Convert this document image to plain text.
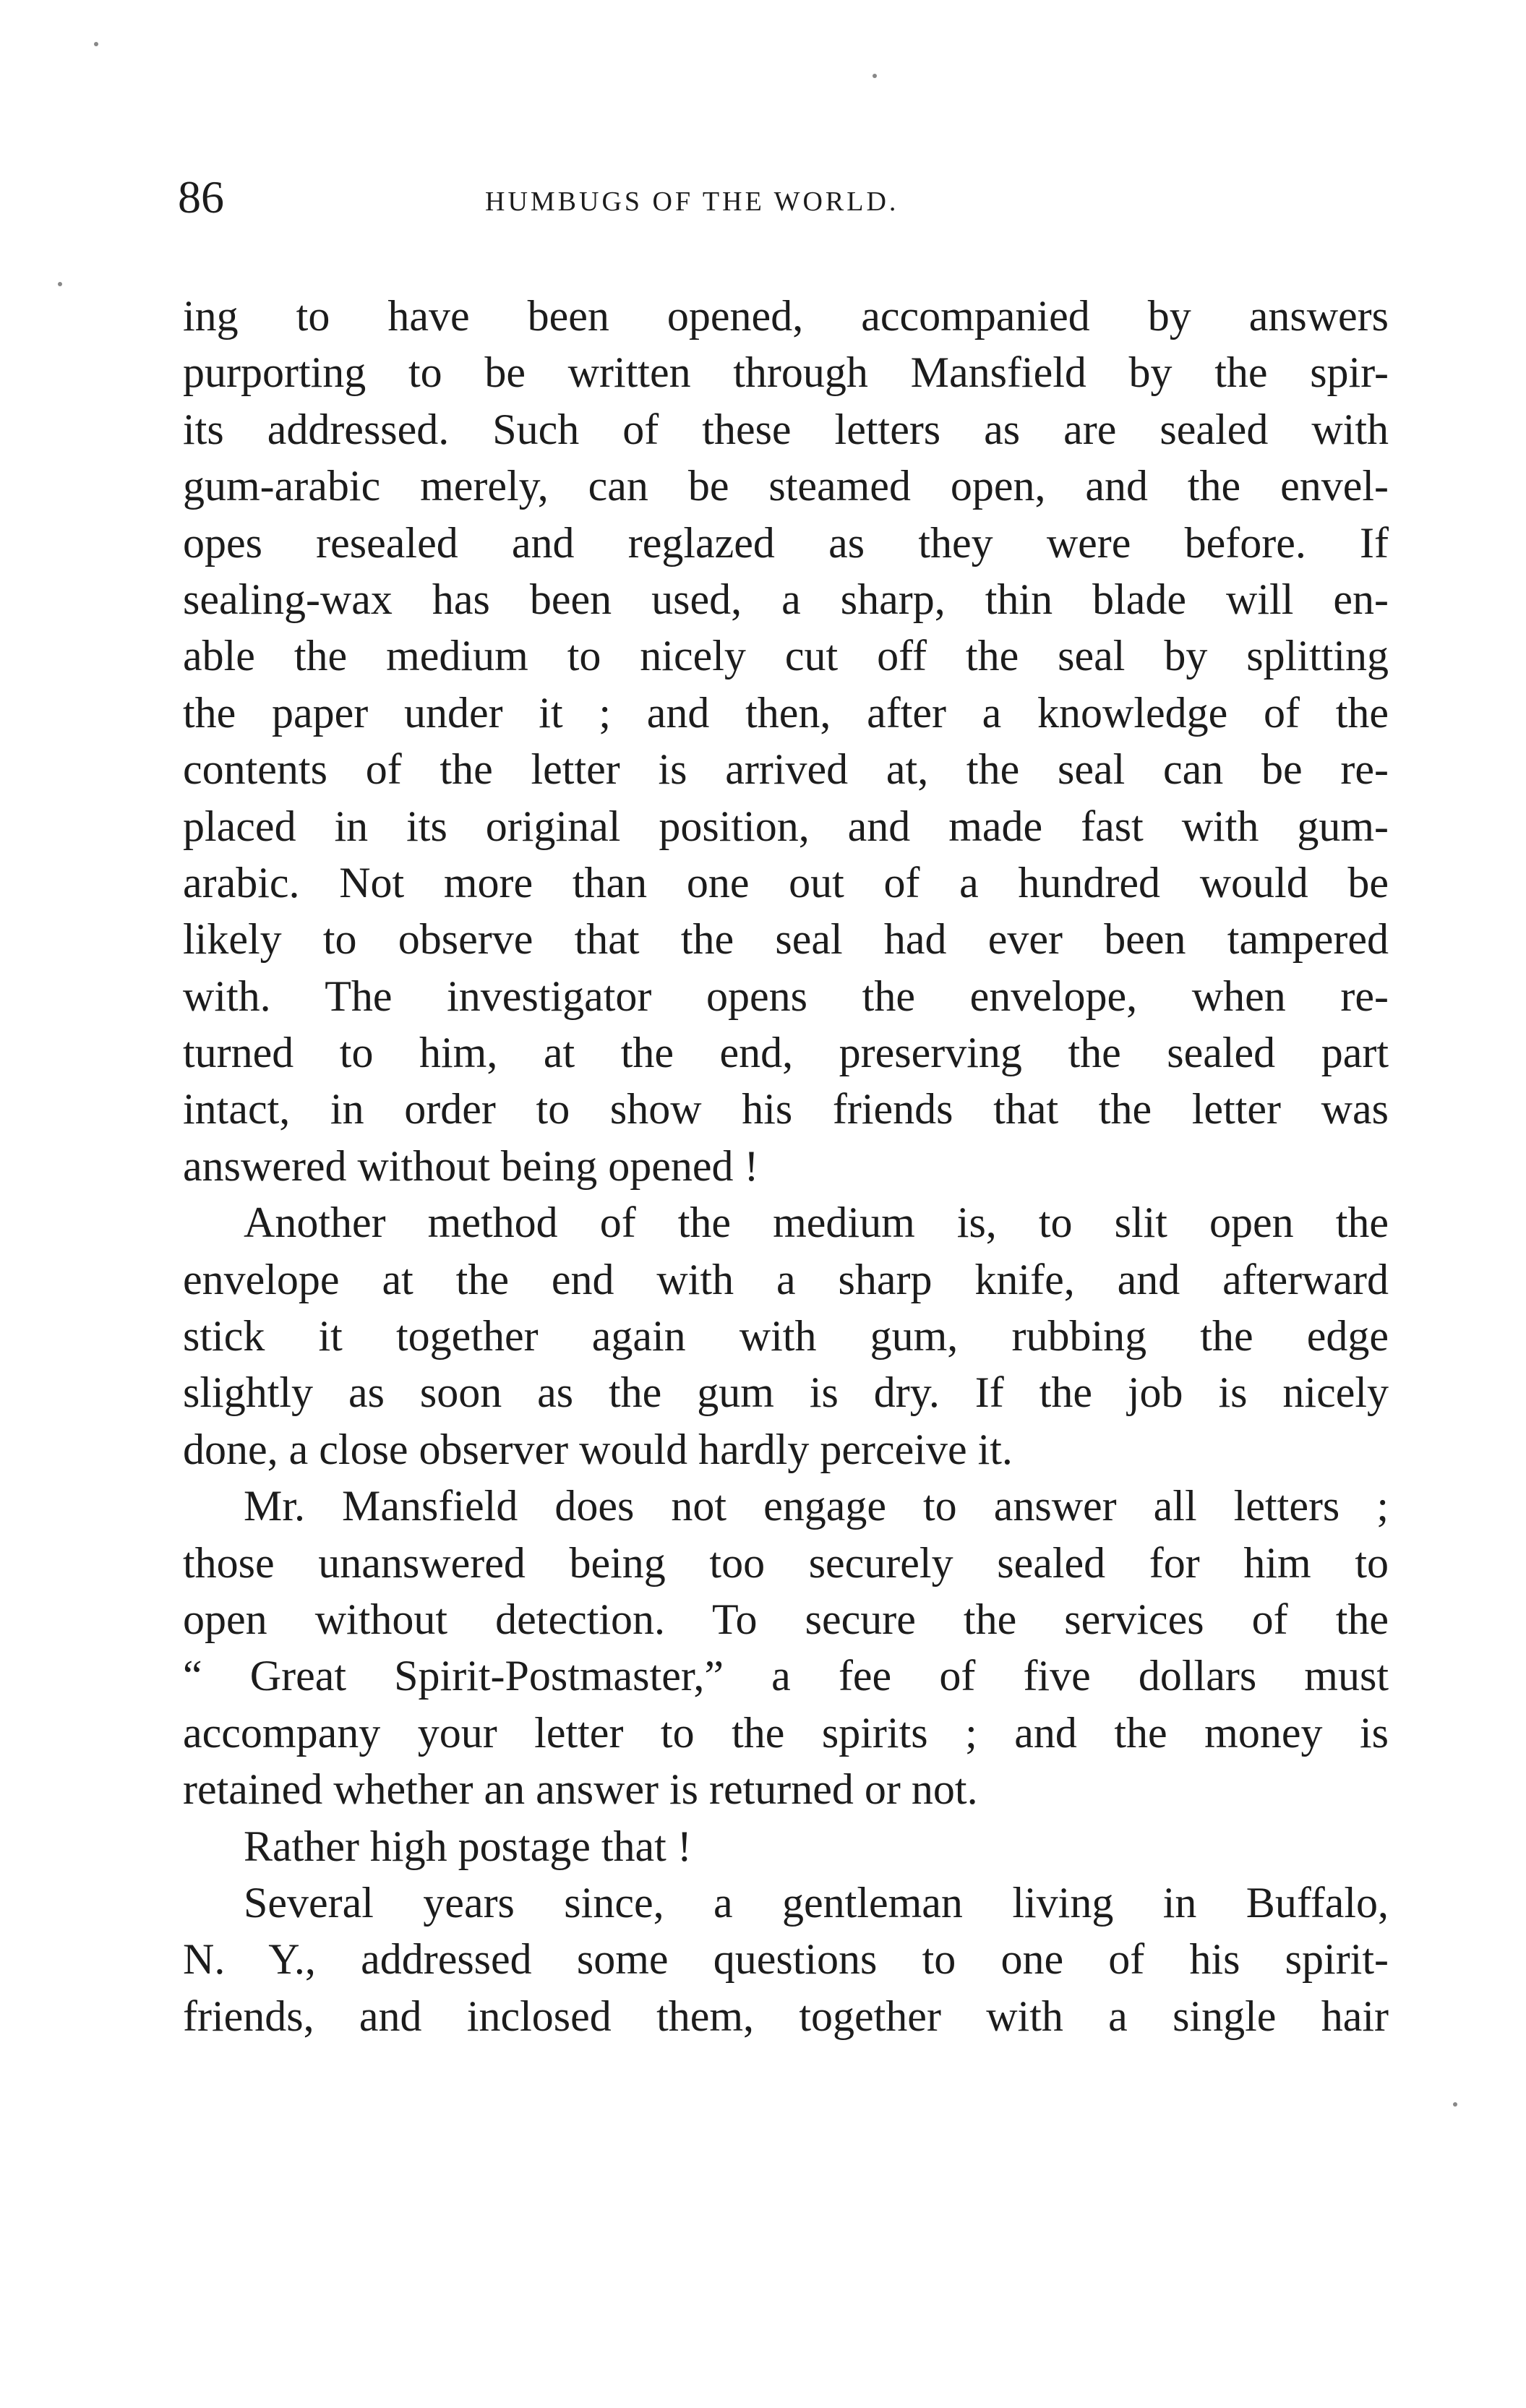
86	HUMBUGS OF THE WORLD.
ing to have been opened, accompanied by answers
purporting to be written through Mansfield by the spir-
its addressed. Such of these letters as are sealed with
gum-arabic merely, can be steamed open, and the envel-
opes resealed and reglazed as they were before. If
sealing-wax has been used, a sharp, thin blade will en-
able the medium to nicely cut off the seal by splitting
the paper under it ; and then, after a knowledge of the
contents of the letter is arrived at, the seal can be re-
placed in its original position, and made fast with gum-
arabic. Not more than one out of a hundred would be
likely to observe that the seal had ever been tampered
with. The investigator opens the envelope, when re-
turned to him, at the end, preserving the sealed part
intact, in order to show his friends that the letter was
answered without being opened !
Another method of the medium is, to slit open the
envelope at the end with a sharp knife, and afterward
stick it together again with gum, rubbing the edge
slightly as soon as the gum is dry. If the job is nicely
done, a close observer would hardly perceive it.
Mr. Mansfield does not engage to answer all letters ;
those unanswered being too securely sealed for him to
open without detection. To secure the services of the
“ Great Spirit-Postmaster,” a fee of five dollars must
accompany your letter to the spirits ; and the money is
retained whether an answer is returned or not.
Rather high postage that !
Several years since, a gentleman living in Buffalo,
N. Y., addressed some questions to one of his spirit-
friends, and inclosed them, together with a single hair
